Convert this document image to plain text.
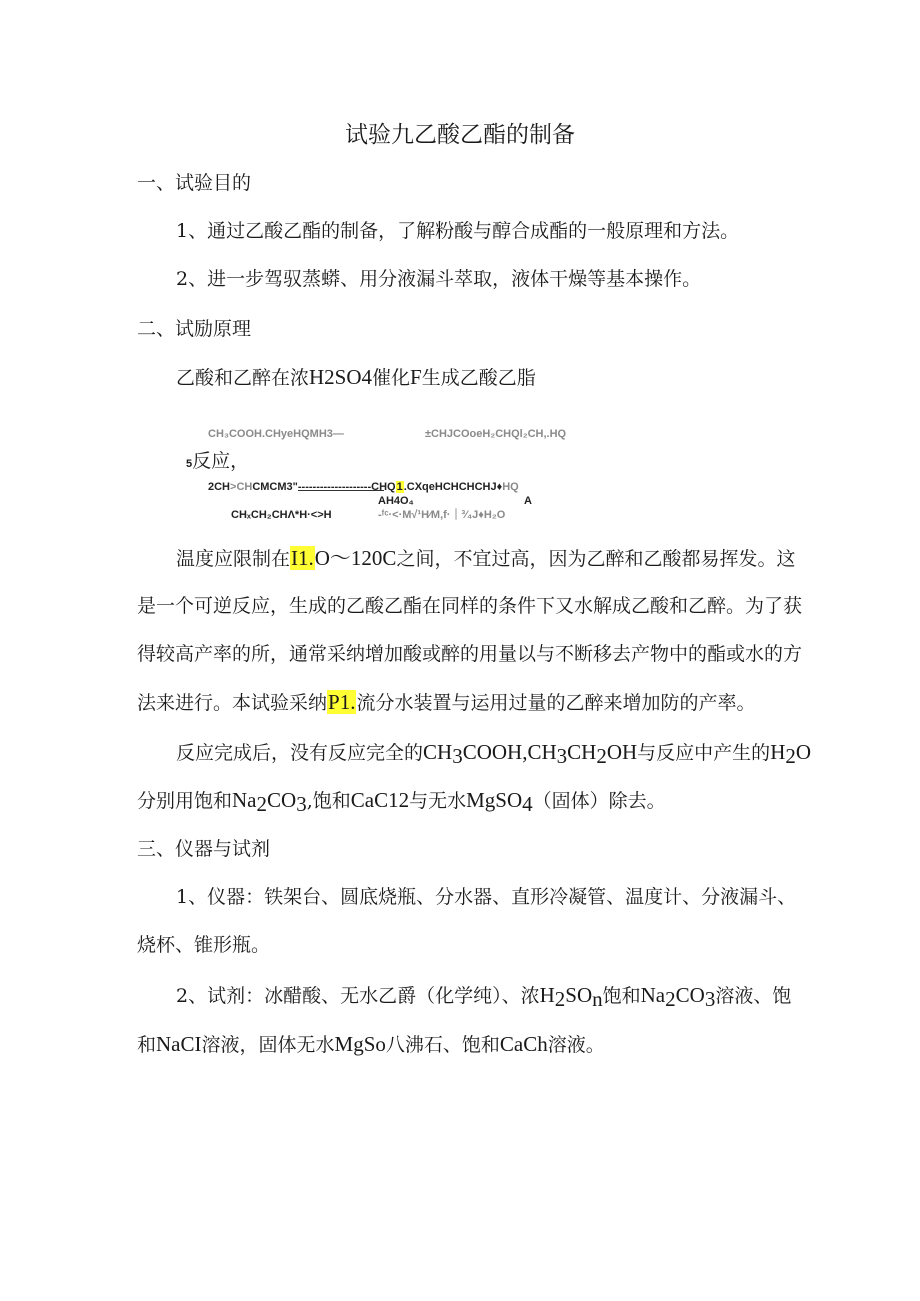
试验九乙酸乙酯的制备
一、试验目的
1、通过乙酸乙酯的制备，了解粉酸与醇合成酯的一般原理和方法。
2、进一步驾驭蒸蟒、用分液漏斗萃取，液体干燥等基本操作。
二、试励原理
乙酸和乙醉在浓H2SO4催化F生成乙酸乙脂
CH₃COOH.CHyeHQMH3—	±CHJCOoeH₂CHQl₂CH,.HQ
5反应，
2CH>CHCMCM3"--------------------CHQ1.CXqeHCHCHCHJ♦HQ
AH4O₄	A
CHₓCH₂CHΛ*H·<>H	-ᶠᶜ·<·M√¹H⁄M,f·｜³⁄₄J♦H₂O
温度应限制在I1.O～120C之间，不宜过高，因为乙醉和乙酸都易挥发。这
是一个可逆反应，生成的乙酸乙酯在同样的条件下又水解成乙酸和乙醉。为了获
得较高产率的所，通常采纳增加酸或醉的用量以与不断移去产物中的酯或水的方
法来进行。本试验采纳P1.流分水装置与运用过量的乙醉来增加防的产率。
反应完成后，没有反应完全的$CH_3COOH,CH_3CH_2OH$与反应中产生的$H_2O$
分别用饱和$Na_2CO_3$,饱和CaC12与无水MgSO$_4$（固体）除去。
三、仪器与试剂
1、仪器：铁架台、圆底烧瓶、分水器、直形冷凝管、温度计、分液漏斗、
烧杯、锥形瓶。
2、试剂：冰醋酸、无水乙爵（化学纯）、浓$H_2SO_n$饱和$Na_2CO_3$溶液、饱
和NaCI溶液，固体无水MgSo八沸石、饱和CaCh溶液。
